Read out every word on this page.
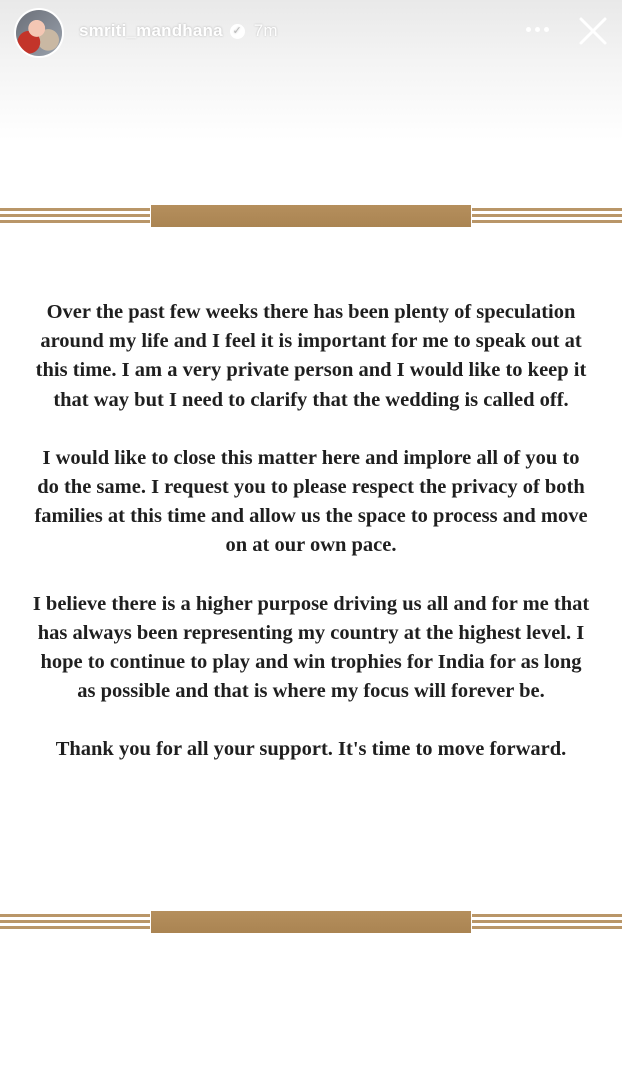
smriti_mandhana ✓ 7m

Over the past few weeks there has been plenty of speculation around my life and I feel it is important for me to speak out at this time. I am a very private person and I would like to keep it that way but I need to clarify that the wedding is called off.

I would like to close this matter here and implore all of you to do the same. I request you to please respect the privacy of both families at this time and allow us the space to process and move on at our own pace.

I believe there is a higher purpose driving us all and for me that has always been representing my country at the highest level. I hope to continue to play and win trophies for India for as long as possible and that is where my focus will forever be.

Thank you for all your support. It's time to move forward.
